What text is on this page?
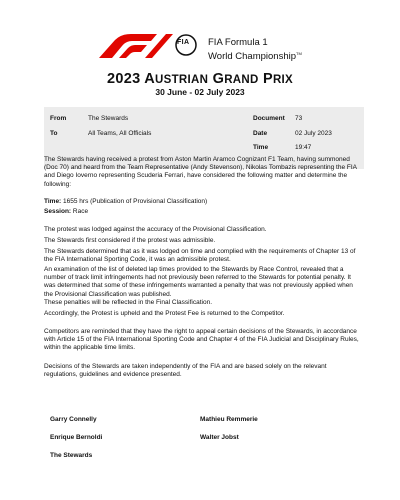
FIA FIA Formula 1
World Championship™
2023 AUSTRIAN GRAND PRIX
30 June - 02 July 2023
From	The Stewards
To	All Teams, All Officials
Document 73
Date	02 July 2023
Time	19:47

The Stewards having received a protest from Aston Martin Aramco Cognizant F1 Team, having summoned (Doc 70) and heard from the Team Representative (Andy Stevenson), Nikolas Tombazis representing the FIA and Diego Ioverno representing Scuderia Ferrari, have considered the following matter and determine the following:

Time: 1655 hrs (Publication of Provisional Classification)

Session: Race

The protest was lodged against the accuracy of the Provisional Classification.

The Stewards first considered if the protest was admissible.

The Stewards determined that as it was lodged on time and complied with the requirements of Chapter 13 of the FIA International Sporting Code, it was an admissible protest.

An examination of the list of deleted lap times provided to the Stewards by Race Control, revealed that a number of track limit infringements had not previously been referred to the Stewards for potential penalty. It was determined that some of these infringements warranted a penalty that was not previously applied when the Provisional Classification was published.

These penalties will be reflected in the Final Classification.

Accordingly, the Protest is upheld and the Protest Fee is returned to the Competitor.

Competitors are reminded that they have the right to appeal certain decisions of the Stewards, in accordance with Article 15 of the FIA International Sporting Code and Chapter 4 of the FIA Judicial and Disciplinary Rules, within the applicable time limits.

Decisions of the Stewards are taken independently of the FIA and are based solely on the relevant regulations, guidelines and evidence presented.

Garry Connelly	Mathieu Remmerie
Enrique Bernoldi	Walter Jobst
The Stewards
